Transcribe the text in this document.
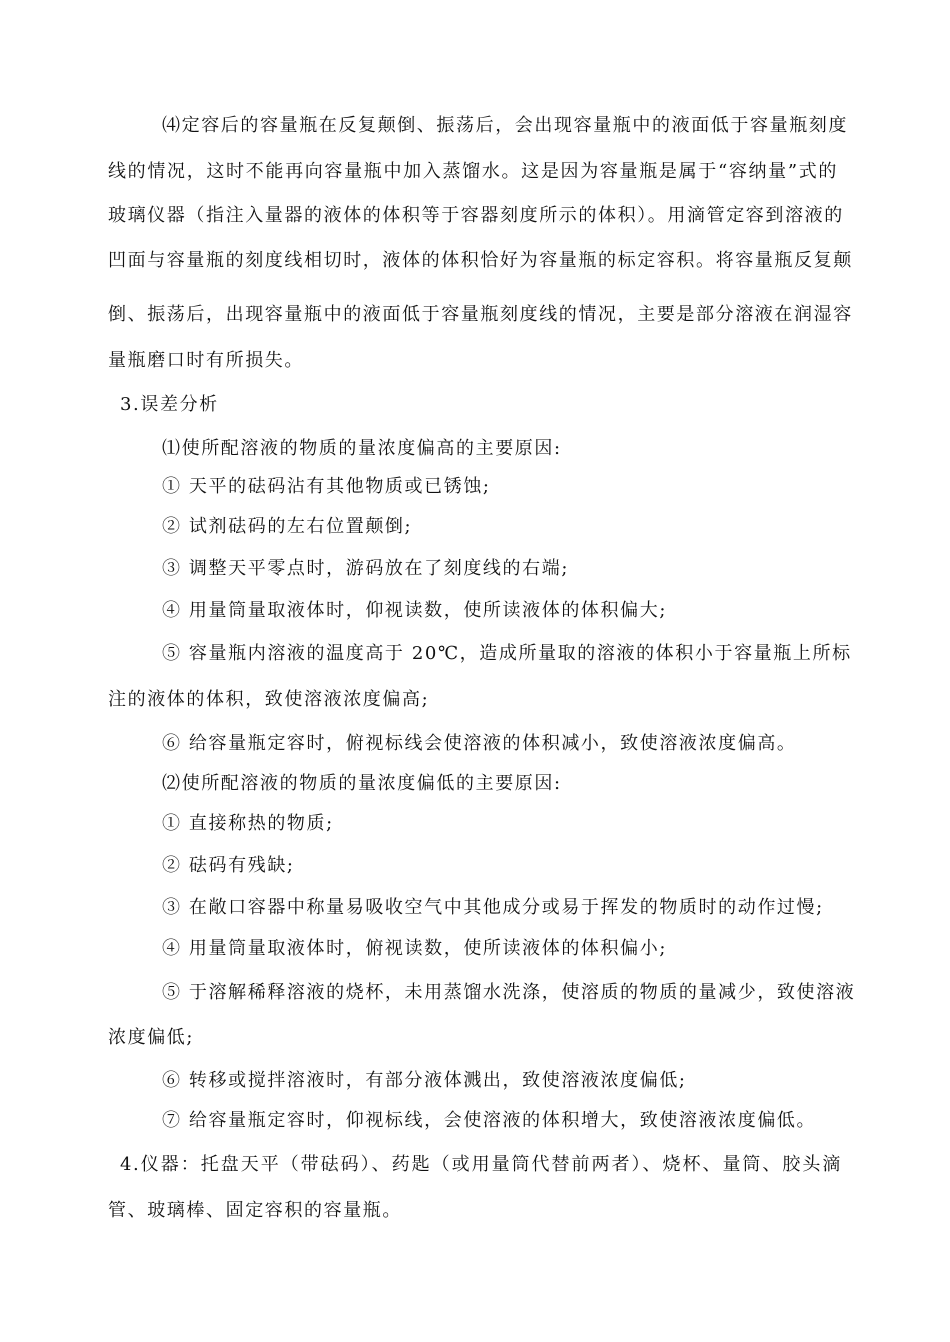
⑷定容后的容量瓶在反复颠倒、振荡后，会出现容量瓶中的液面低于容量瓶刻度
线的情况，这时不能再向容量瓶中加入蒸馏水。这是因为容量瓶是属于“容纳量”式的
玻璃仪器（指注入量器的液体的体积等于容器刻度所示的体积）。用滴管定容到溶液的
凹面与容量瓶的刻度线相切时，液体的体积恰好为容量瓶的标定容积。将容量瓶反复颠
倒、振荡后，出现容量瓶中的液面低于容量瓶刻度线的情况，主要是部分溶液在润湿容
量瓶磨口时有所损失。
3.误差分析
⑴使所配溶液的物质的量浓度偏高的主要原因:
① 天平的砝码沾有其他物质或已锈蚀;
② 试剂砝码的左右位置颠倒;
③ 调整天平零点时，游码放在了刻度线的右端;
④ 用量筒量取液体时，仰视读数，使所读液体的体积偏大;
⑤ 容量瓶内溶液的温度高于 20℃，造成所量取的溶液的体积小于容量瓶上所标
注的液体的体积，致使溶液浓度偏高;
⑥ 给容量瓶定容时，俯视标线会使溶液的体积减小，致使溶液浓度偏高。
⑵使所配溶液的物质的量浓度偏低的主要原因:
① 直接称热的物质;
② 砝码有残缺;
③ 在敞口容器中称量易吸收空气中其他成分或易于挥发的物质时的动作过慢;
④ 用量筒量取液体时，俯视读数，使所读液体的体积偏小;
⑤ 于溶解稀释溶液的烧杯，未用蒸馏水洗涤，使溶质的物质的量减少，致使溶液
浓度偏低;
⑥ 转移或搅拌溶液时，有部分液体溅出，致使溶液浓度偏低;
⑦ 给容量瓶定容时，仰视标线，会使溶液的体积增大，致使溶液浓度偏低。
4.仪器：托盘天平（带砝码）、药匙（或用量筒代替前两者）、烧杯、量筒、胶头滴
管、玻璃棒、固定容积的容量瓶。
